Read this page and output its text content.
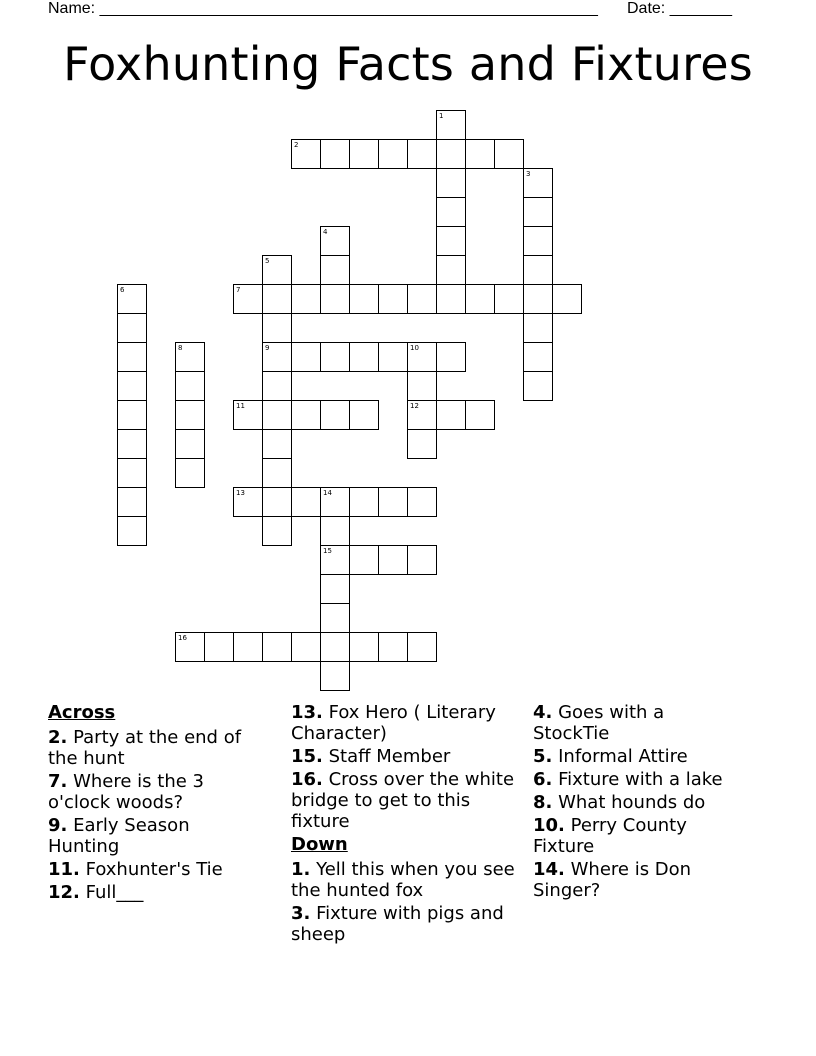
Name: ________________________________________________________ Date: _______
Foxhunting Facts and Fixtures
1
2
3
4
5
6	7
8	9	10
11	12
13	14
15
16
Across
2. Party at the end of the hunt
7. Where is the 3 o'clock woods?
9. Early Season Hunting
11. Foxhunter's Tie
12. Full___
13. Fox Hero ( Literary Character)
15. Staff Member
16. Cross over the white bridge to get to this fixture
Down
1. Yell this when you see the hunted fox
3. Fixture with pigs and sheep
4. Goes with a StockTie
5. Informal Attire
6. Fixture with a lake
8. What hounds do
10. Perry County Fixture
14. Where is Don Singer?
